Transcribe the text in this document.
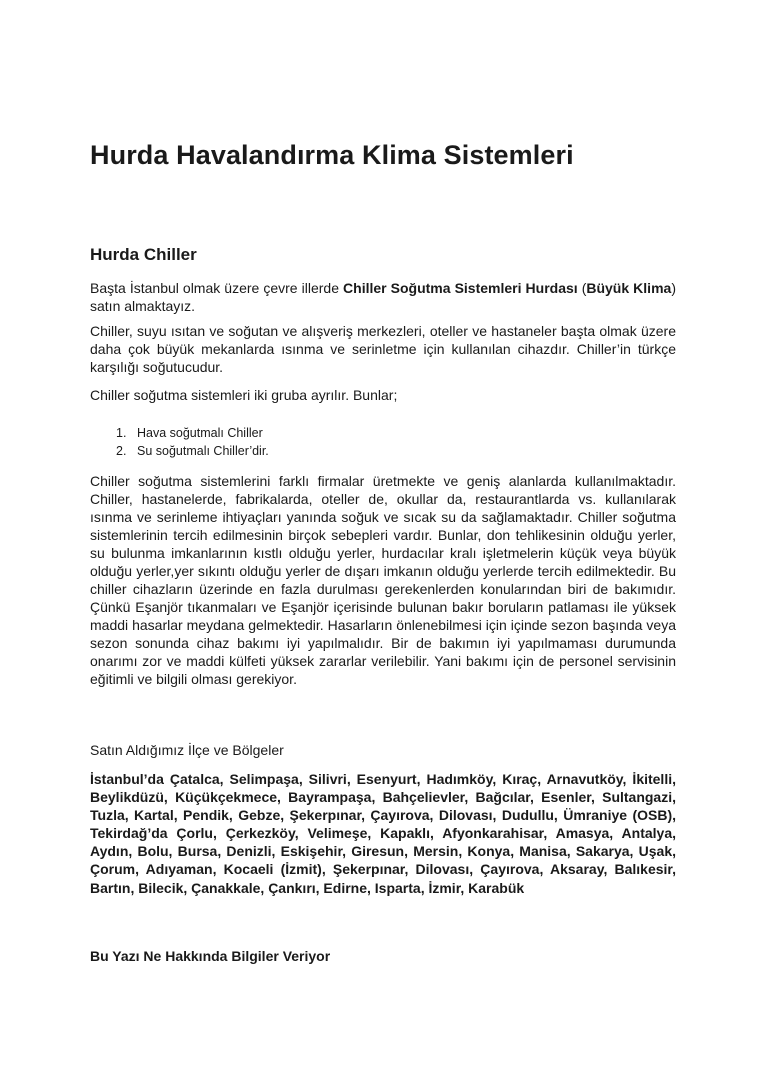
Hurda Havalandırma Klima Sistemleri
Hurda Chiller

Başta İstanbul olmak üzere çevre illerde Chiller Soğutma Sistemleri Hurdası (Büyük Klima) satın almaktayız.

Chiller, suyu ısıtan ve soğutan ve alışveriş merkezleri, oteller ve hastaneler başta olmak üzere daha çok büyük mekanlarda ısınma ve serinletme için kullanılan cihazdır. Chiller’in türkçe karşılığı soğutucudur.

Chiller soğutma sistemleri iki gruba ayrılır. Bunlar;

1. Hava soğutmalı Chiller
2. Su soğutmalı Chiller’dir.

Chiller soğutma sistemlerini farklı firmalar üretmekte ve geniş alanlarda kullanılmaktadır. Chiller, hastanelerde, fabrikalarda, oteller de, okullar da, restaurantlarda vs. kullanılarak ısınma ve serinleme ihtiyaçları yanında soğuk ve sıcak su da sağlamaktadır. Chiller soğutma sistemlerinin tercih edilmesinin birçok sebepleri vardır. Bunlar, don tehlikesinin olduğu yerler, su bulunma imkanlarının kıstlı olduğu yerler, hurdacılar kralı işletmelerin küçük veya büyük olduğu yerler,yer sıkıntı olduğu yerler de dışarı imkanın olduğu yerlerde tercih edilmektedir. Bu chiller cihazların üzerinde en fazla durulması gerekenlerden konularından biri de bakımıdır. Çünkü Eşanjör tıkanmaları ve Eşanjör içerisinde bulunan bakır boruların patlaması ile yüksek maddi hasarlar meydana gelmektedir. Hasarların önlenebilmesi için içinde sezon başında veya sezon sonunda cihaz bakımı iyi yapılmalıdır. Bir de bakımın iyi yapılmaması durumunda onarımı zor ve maddi külfeti yüksek zararlar verilebilir. Yani bakımı için de personel servisinin eğitimli ve bilgili olması gerekiyor.

Satın Aldığımız İlçe ve Bölgeler

İstanbul’da Çatalca, Selimpaşa, Silivri, Esenyurt, Hadımköy, Kıraç, Arnavutköy, İkitelli, Beylikdüzü, Küçükçekmece, Bayrampaşa, Bahçelievler, Bağcılar, Esenler, Sultangazi, Tuzla, Kartal, Pendik, Gebze, Şekerpınar, Çayırova, Dilovası, Dudullu, Ümraniye (OSB), Tekirdağ’da Çorlu, Çerkezköy, Velimeşe, Kapaklı, Afyonkarahisar, Amasya, Antalya, Aydın, Bolu, Bursa, Denizli, Eskişehir, Giresun, Mersin, Konya, Manisa, Sakarya, Uşak, Çorum, Adıyaman, Kocaeli (İzmit), Şekerpınar, Dilovası, Çayırova, Aksaray, Balıkesir, Bartın, Bilecik, Çanakkale, Çankırı, Edirne, Isparta, İzmir, Karabük

Bu Yazı Ne Hakkında Bilgiler Veriyor
